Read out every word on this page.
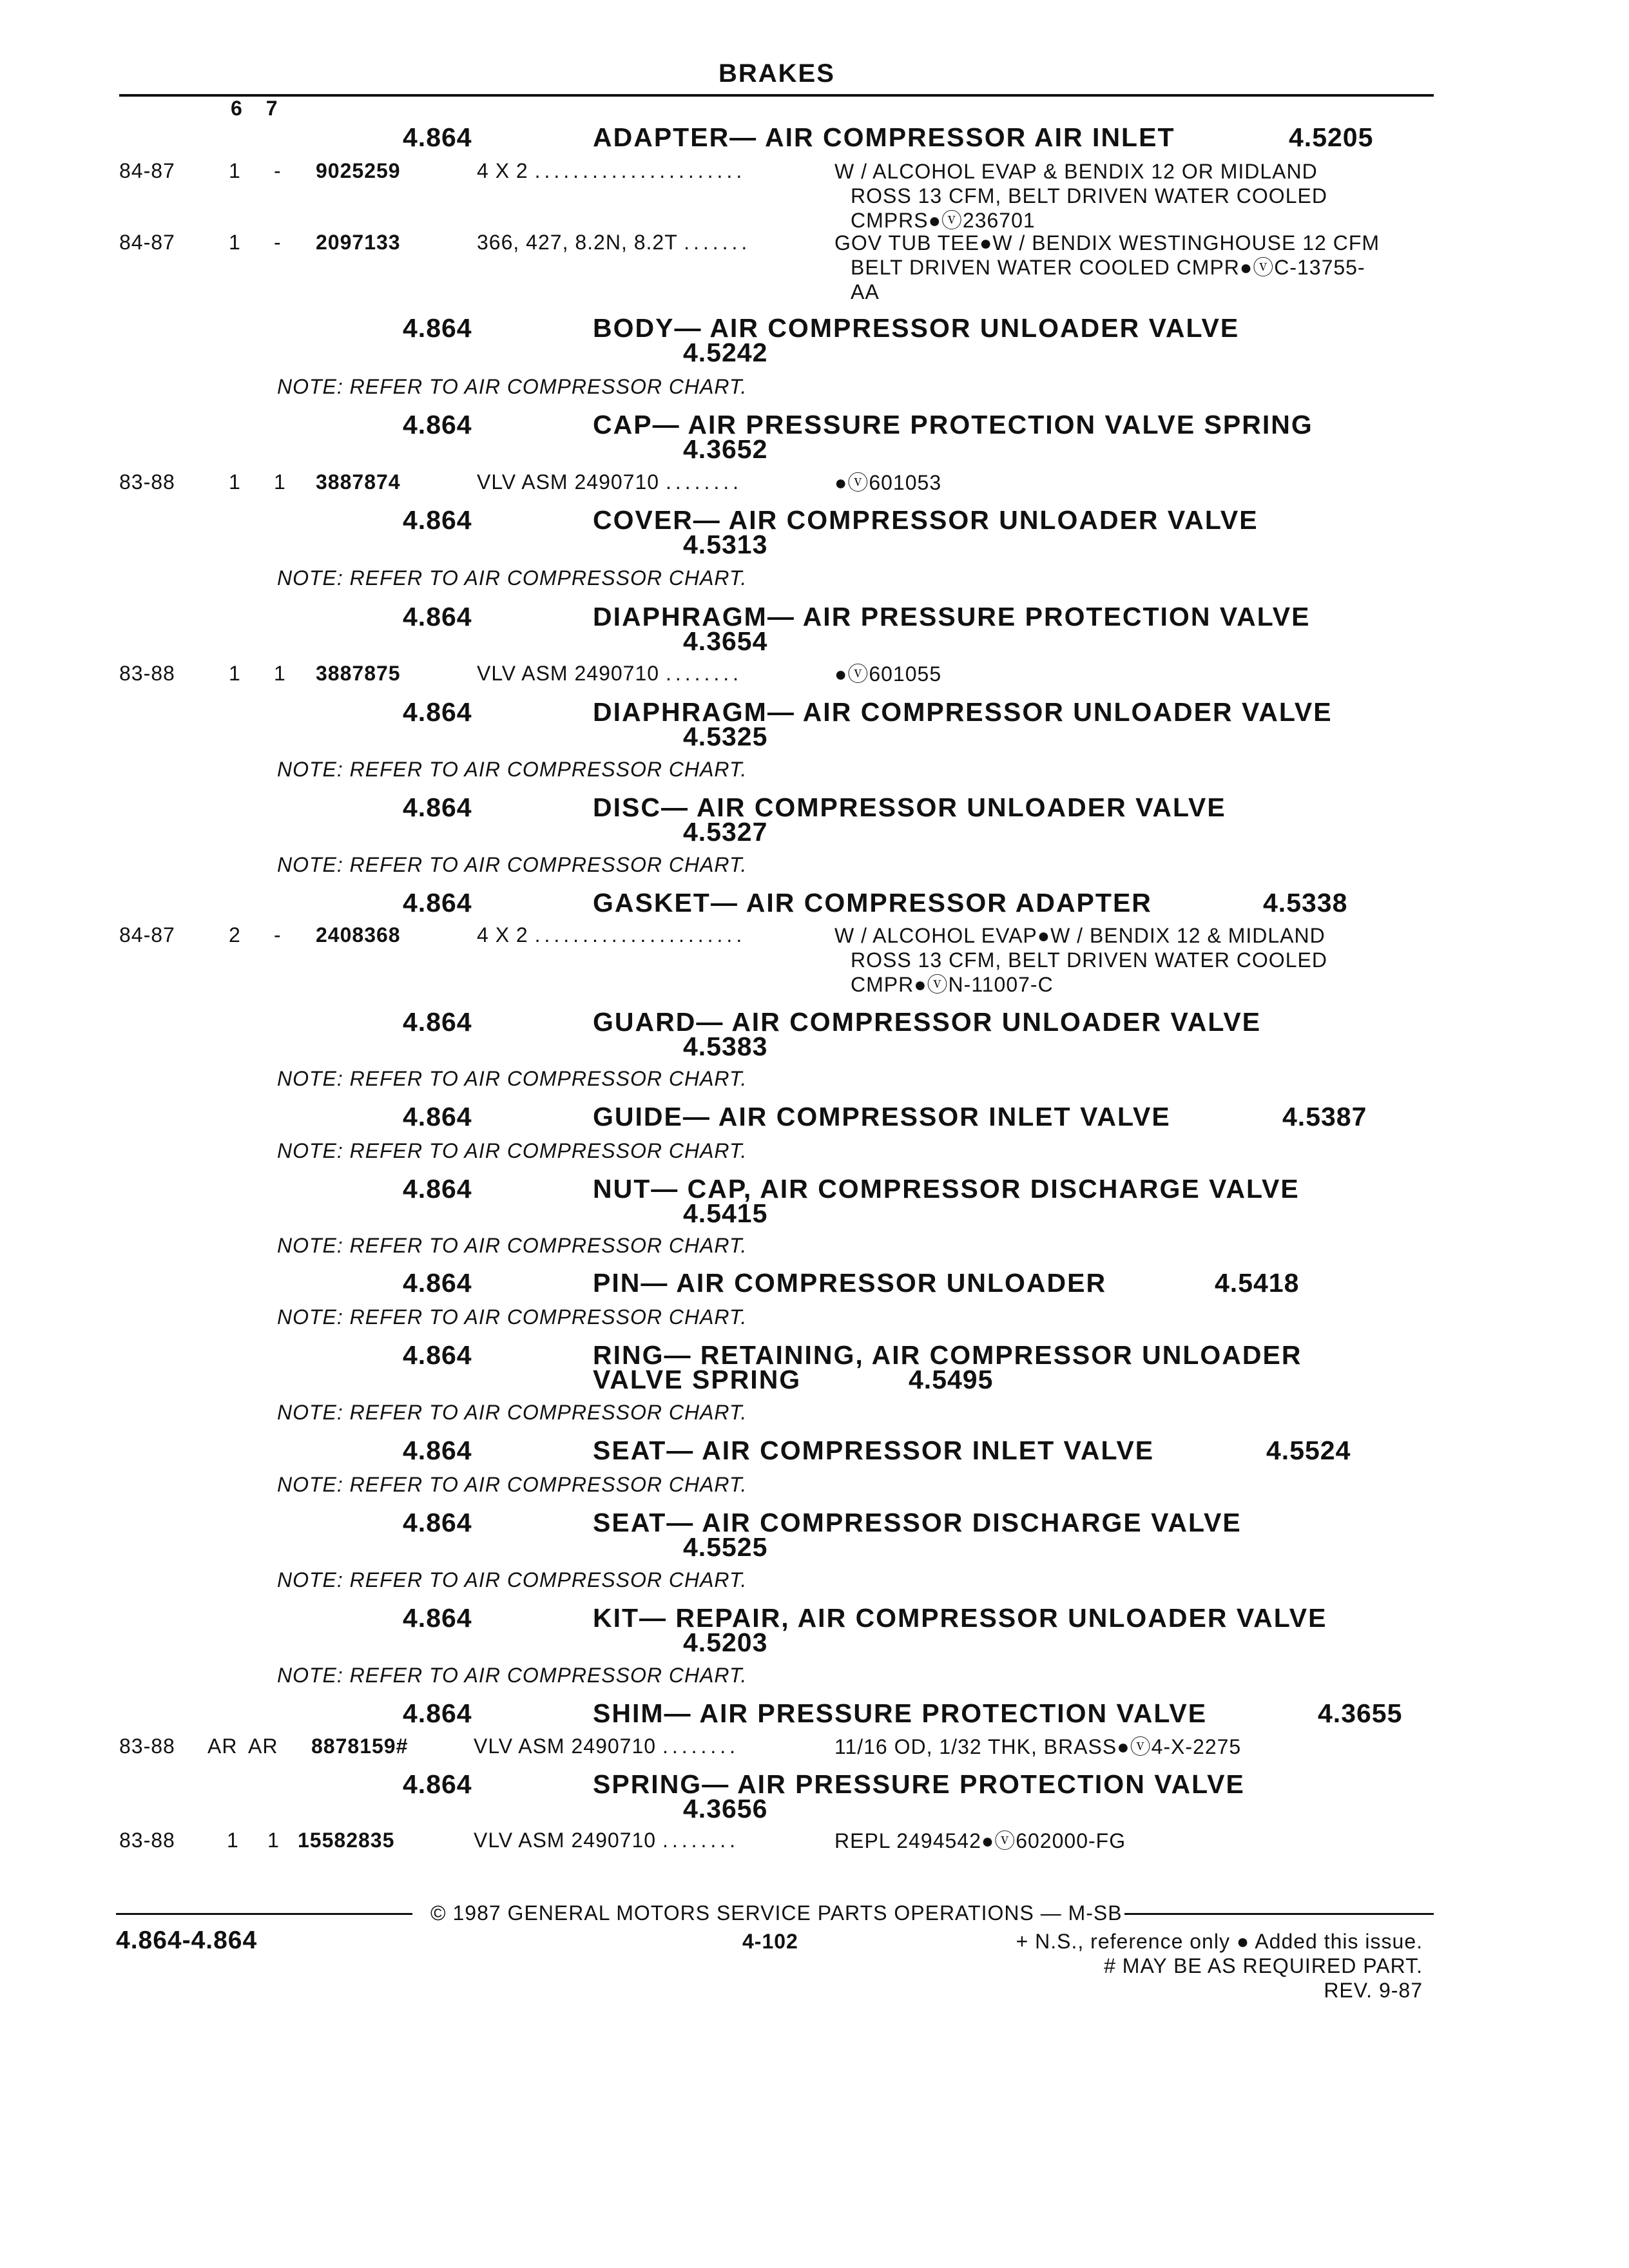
BRAKES
6 7
4.864	ADAPTER— AIR COMPRESSOR AIR INLET	4.5205
84-87	1 - 9025259	4 X 2 ......................	W / ALCOHOL EVAP & BENDIX 12 OR MIDLAND
ROSS 13 CFM, BELT DRIVEN WATER COOLED
CMPRS●ⓥ236701
84-87	1 - 2097133	366, 427, 8.2N, 8.2T .......	GOV TUB TEE●W / BENDIX WESTINGHOUSE 12 CFM
BELT DRIVEN WATER COOLED CMPR●ⓥC-13755-
AA
4.864	BODY— AIR COMPRESSOR UNLOADER VALVE
4.5242
NOTE: REFER TO AIR COMPRESSOR CHART.
4.864	CAP— AIR PRESSURE PROTECTION VALVE SPRING
4.3652
83-88	1 1 3887874	VLV ASM 2490710 ........	●ⓥ601053
4.864	COVER— AIR COMPRESSOR UNLOADER VALVE
4.5313
NOTE: REFER TO AIR COMPRESSOR CHART.
4.864	DIAPHRAGM— AIR PRESSURE PROTECTION VALVE
4.3654
83-88	1 1 3887875	VLV ASM 2490710 ........	●ⓥ601055
4.864	DIAPHRAGM— AIR COMPRESSOR UNLOADER VALVE
4.5325
NOTE: REFER TO AIR COMPRESSOR CHART.
4.864	DISC— AIR COMPRESSOR UNLOADER VALVE
4.5327
NOTE: REFER TO AIR COMPRESSOR CHART.
4.864	GASKET— AIR COMPRESSOR ADAPTER	4.5338
84-87	2 - 2408368	4 X 2 ......................	W / ALCOHOL EVAP●W / BENDIX 12 & MIDLAND
ROSS 13 CFM, BELT DRIVEN WATER COOLED
CMPR●ⓥN-11007-C
4.864	GUARD— AIR COMPRESSOR UNLOADER VALVE
4.5383
NOTE: REFER TO AIR COMPRESSOR CHART.
4.864	GUIDE— AIR COMPRESSOR INLET VALVE	4.5387
NOTE: REFER TO AIR COMPRESSOR CHART.
4.864	NUT— CAP, AIR COMPRESSOR DISCHARGE VALVE
4.5415
NOTE: REFER TO AIR COMPRESSOR CHART.
4.864	PIN— AIR COMPRESSOR UNLOADER	4.5418
NOTE: REFER TO AIR COMPRESSOR CHART.
4.864	RING— RETAINING, AIR COMPRESSOR UNLOADER
VALVE SPRING	4.5495
NOTE: REFER TO AIR COMPRESSOR CHART.
4.864	SEAT— AIR COMPRESSOR INLET VALVE	4.5524
NOTE: REFER TO AIR COMPRESSOR CHART.
4.864	SEAT— AIR COMPRESSOR DISCHARGE VALVE
4.5525
NOTE: REFER TO AIR COMPRESSOR CHART.
4.864	KIT— REPAIR, AIR COMPRESSOR UNLOADER VALVE
4.5203
NOTE: REFER TO AIR COMPRESSOR CHART.
4.864	SHIM— AIR PRESSURE PROTECTION VALVE	4.3655
83-88 AR AR 8878159#	VLV ASM 2490710 ........	11/16 OD, 1/32 THK, BRASS●ⓥ4-X-2275
4.864	SPRING— AIR PRESSURE PROTECTION VALVE
4.3656
83-88	1 1 15582835	VLV ASM 2490710 ........	REPL 2494542●ⓥ602000-FG
© 1987 GENERAL MOTORS SERVICE PARTS OPERATIONS — M-SB
4.864-4.864	4-102	+ N.S., reference only ● Added this issue.
# MAY BE AS REQUIRED PART.
REV. 9-87
